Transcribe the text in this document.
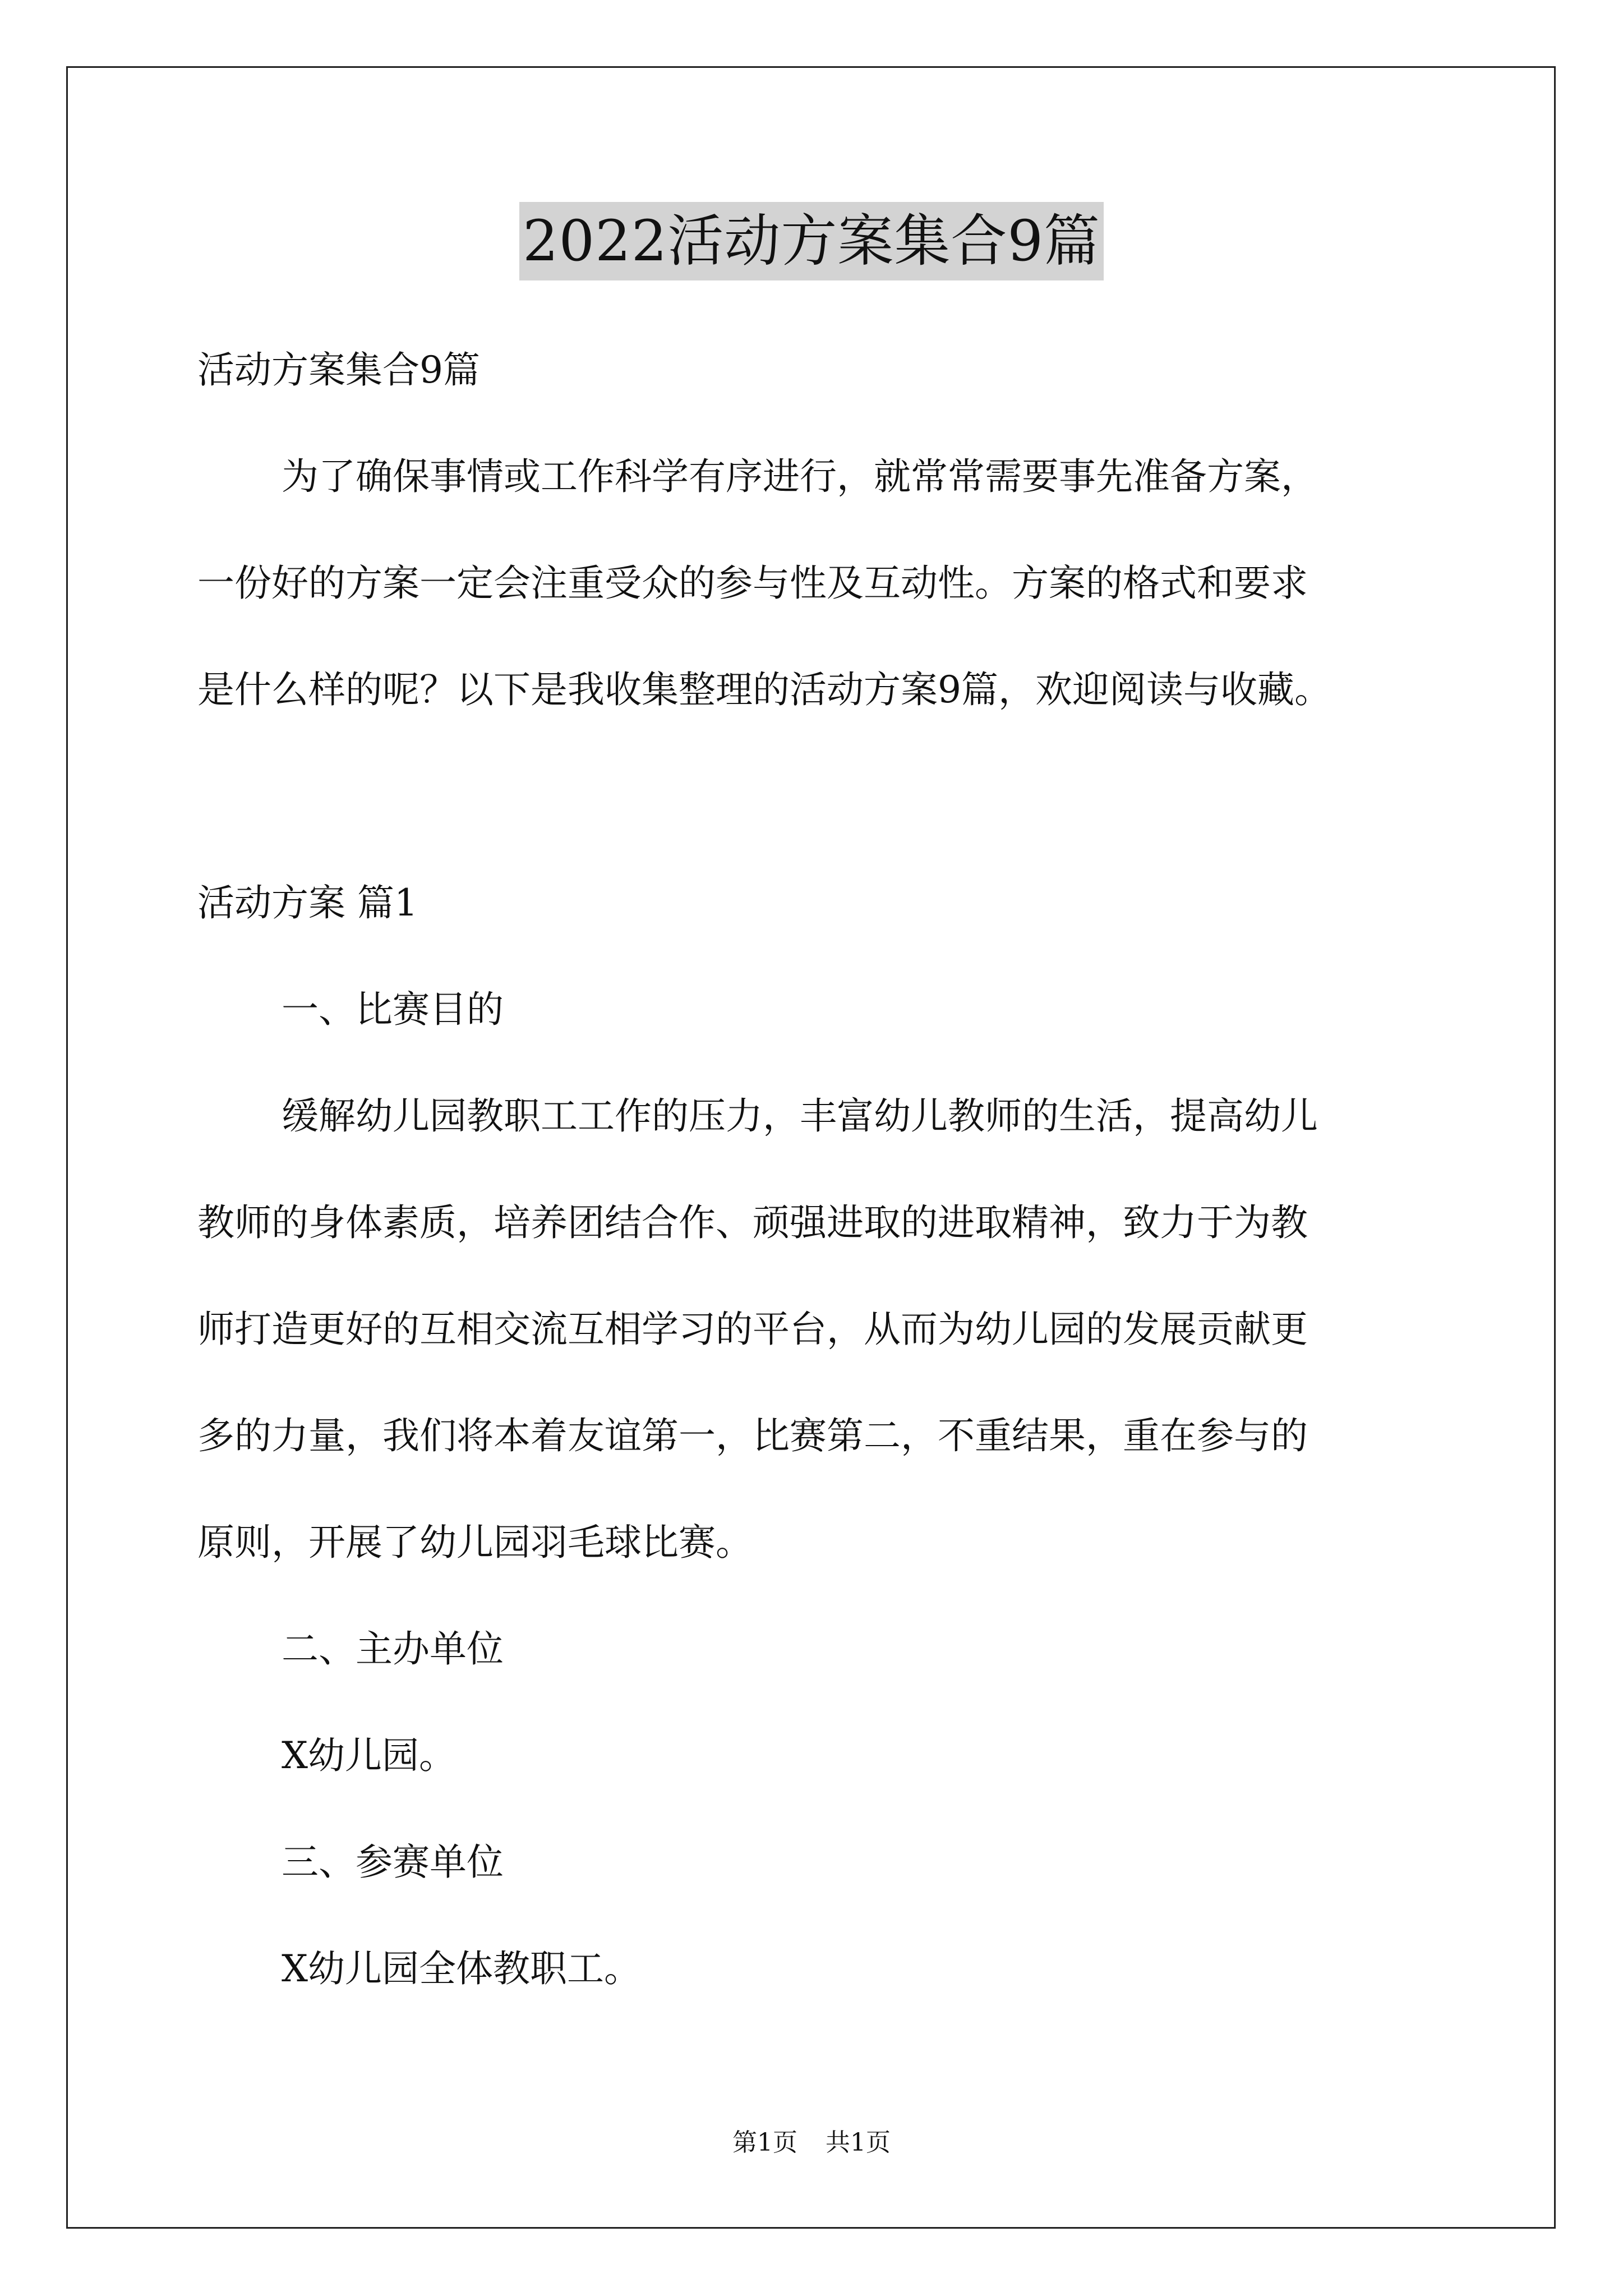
2022活动方案集合9篇

活动方案集合9篇

为了确保事情或工作科学有序进行，就常常需要事先准备方案，

一份好的方案一定会注重受众的参与性及互动性。方案的格式和要求

是什么样的呢？以下是我收集整理的活动方案9篇，欢迎阅读与收藏。

活动方案 篇1

一、比赛目的

缓解幼儿园教职工工作的压力，丰富幼儿教师的生活，提高幼儿

教师的身体素质，培养团结合作、顽强进取的进取精神，致力于为教

师打造更好的互相交流互相学习的平台，从而为幼儿园的发展贡献更

多的力量，我们将本着友谊第一，比赛第二，不重结果，重在参与的

原则，开展了幼儿园羽毛球比赛。

二、主办单位

X幼儿园。

三、参赛单位

X幼儿园全体教职工。

第1页 共1页
